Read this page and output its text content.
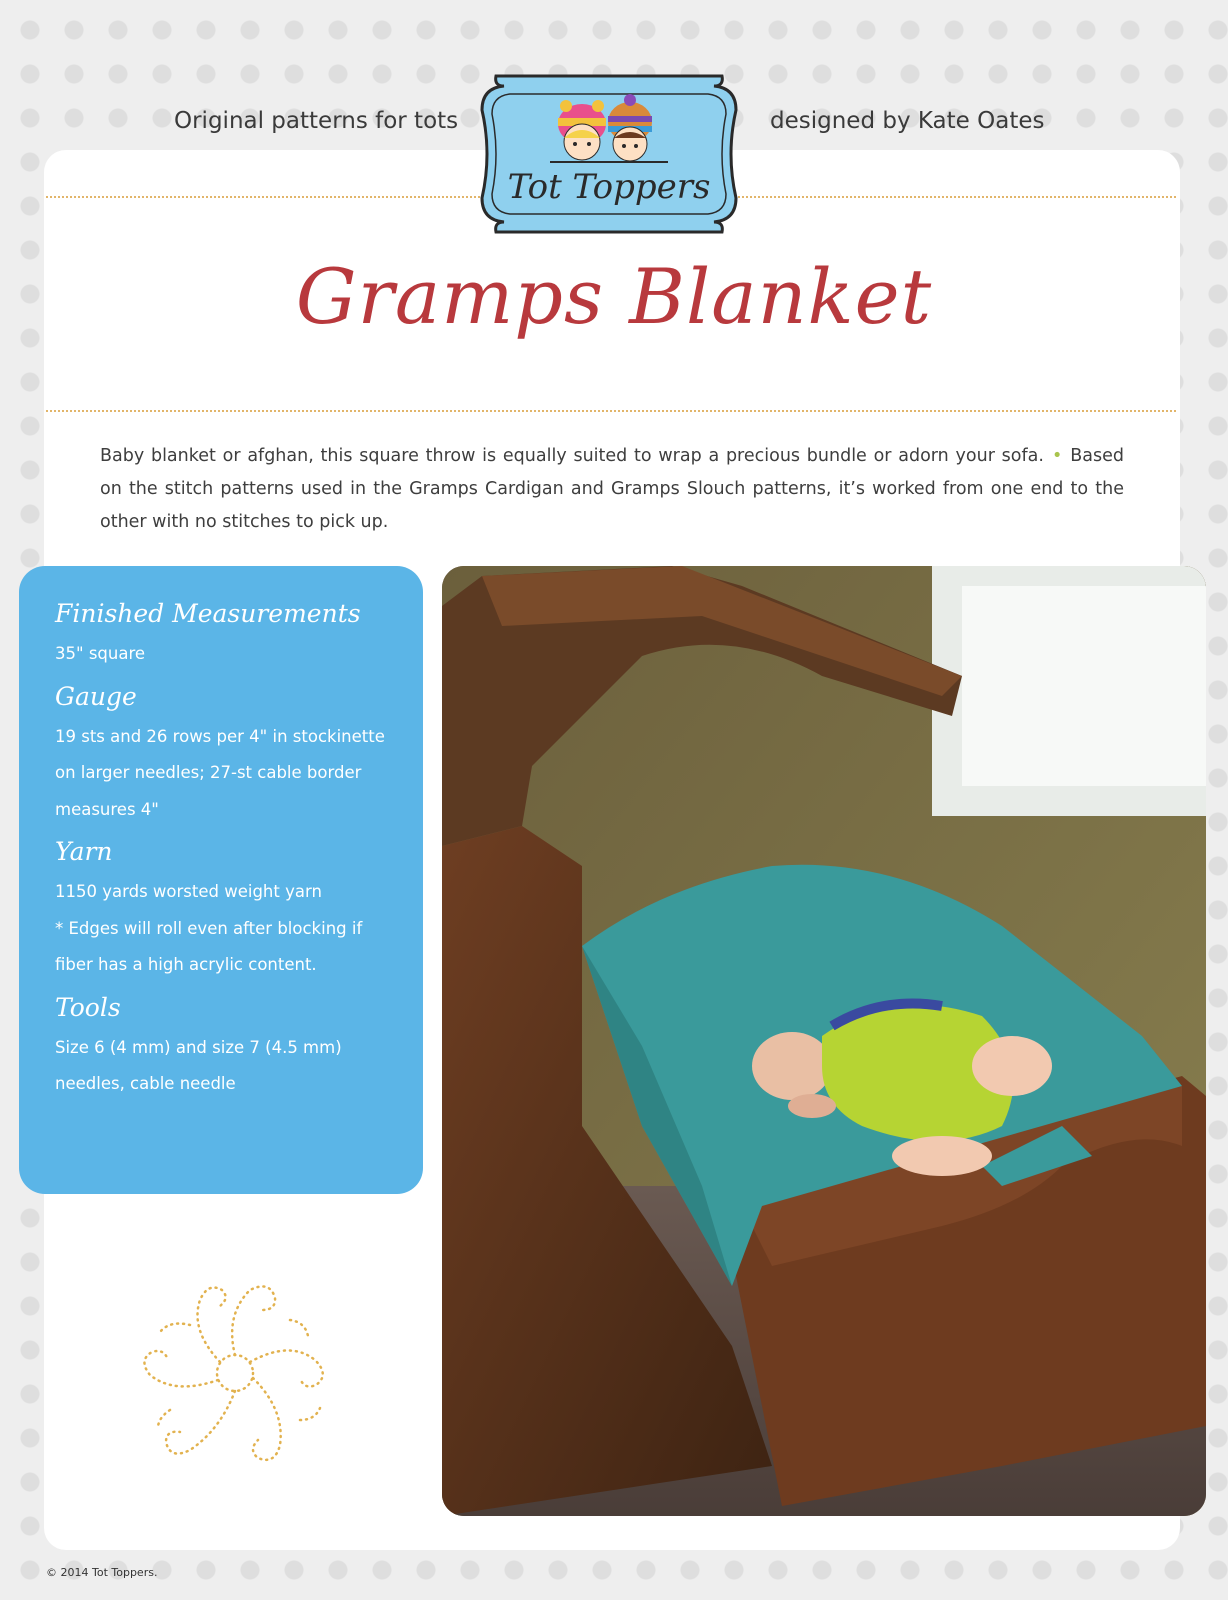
Original patterns for tots	designed by Kate Oates
Tot Toppers
Gramps Blanket
Baby blanket or afghan, this square throw is equally suited to wrap a precious bundle or adorn your sofa. • Based on the stitch patterns used in the Gramps Cardigan and Gramps Slouch patterns, it’s worked from one end to the other with no stitches to pick up.
Finished Measurements
35" square
Gauge
19 sts and 26 rows per 4" in stockinette
on larger needles; 27-st cable border
measures 4"
Yarn
1150 yards worsted weight yarn
* Edges will roll even after blocking if
fiber has a high acrylic content.
Tools
Size 6 (4 mm) and size 7 (4.5 mm)
needles, cable needle
© 2014 Tot Toppers.
